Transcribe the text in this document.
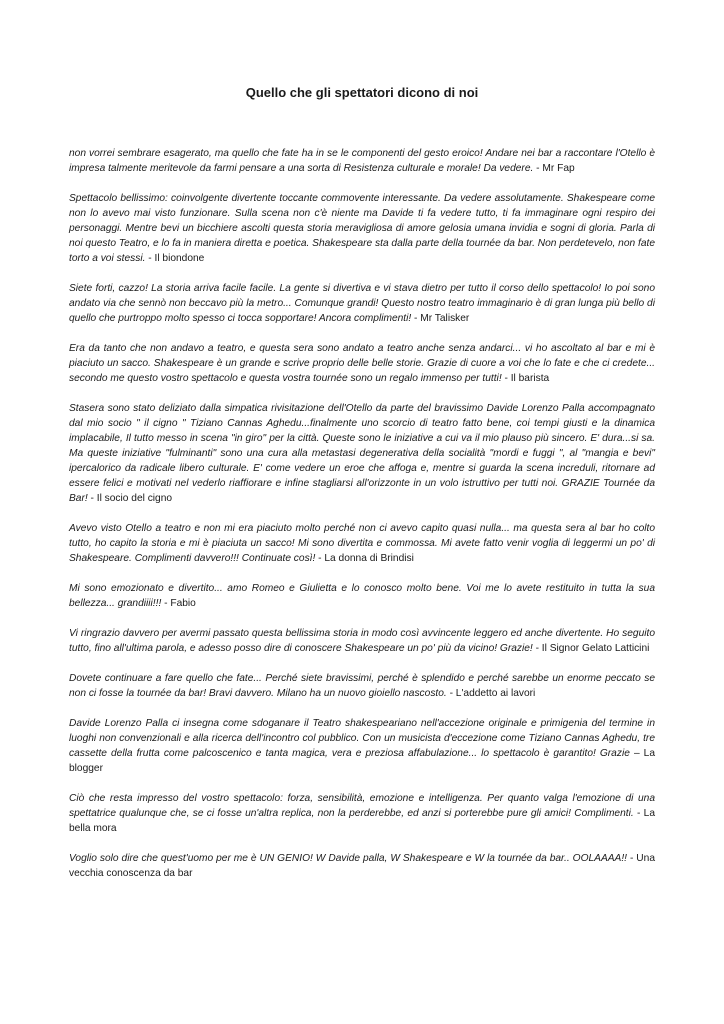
Quello che gli spettatori dicono di noi

non vorrei sembrare esagerato, ma quello che fate ha in se le componenti del gesto eroico! Andare nei bar a raccontare l'Otello è impresa talmente meritevole da farmi pensare a una sorta di Resistenza culturale e morale! Da vedere. - Mr Fap

Spettacolo bellissimo: coinvolgente divertente toccante commovente interessante. Da vedere assolutamente. Shakespeare come non lo avevo mai visto funzionare. Sulla scena non c'è niente ma Davide ti fa vedere tutto, ti fa immaginare ogni respiro dei personaggi. Mentre bevi un bicchiere ascolti questa storia meravigliosa di amore gelosia umana invidia e sogni di gloria. Parla di noi questo Teatro, e lo fa in maniera diretta e poetica. Shakespeare sta dalla parte della tournée da bar. Non perdetevelo, non fate torto a voi stessi. - Il biondone

Siete forti, cazzo! La storia arriva facile facile. La gente si divertiva e vi stava dietro per tutto il corso dello spettacolo! Io poi sono andato via che sennò non beccavo più la metro... Comunque grandi! Questo nostro teatro immaginario è di gran lunga più bello di quello che purtroppo molto spesso ci tocca sopportare! Ancora complimenti! - Mr Talisker

Era da tanto che non andavo a teatro, e questa sera sono andato a teatro anche senza andarci... vi ho ascoltato al bar e mi è piaciuto un sacco. Shakespeare è un grande e scrive proprio delle belle storie. Grazie di cuore a voi che lo fate e che ci credete... secondo me questo vostro spettacolo e questa vostra tournée sono un regalo immenso per tutti! - Il barista

Stasera sono stato deliziato dalla simpatica rivisitazione dell'Otello da parte del bravissimo Davide Lorenzo Palla accompagnato dal mio socio " il cigno " Tiziano Cannas Aghedu...finalmente uno scorcio di teatro fatto bene, coi tempi giusti e la dinamica implacabile, Il tutto messo in scena "in giro" per la città. Queste sono le iniziative a cui va il mio plauso più sincero. E' dura...si sa. Ma queste iniziative "fulminanti" sono una cura alla metastasi degenerativa della socialità "mordi e fuggi ", al "mangia e bevi" ipercalorico da radicale libero culturale. E' come vedere un eroe che affoga e, mentre si guarda la scena increduli, ritornare ad essere felici e motivati nel vederlo riaffiorare e infine stagliarsi all'orizzonte in un volo istruttivo per tutti noi. GRAZIE Tournée da Bar! - Il socio del cigno

Avevo visto Otello a teatro e non mi era piaciuto molto perché non ci avevo capito quasi nulla... ma questa sera al bar ho colto tutto, ho capito la storia e mi è piaciuta un sacco! Mi sono divertita e commossa. Mi avete fatto venir voglia di leggermi un po' di Shakespeare. Complimenti davvero!!! Continuate così! - La donna di Brindisi

Mi sono emozionato e divertito... amo Romeo e Giulietta e lo conosco molto bene. Voi me lo avete restituito in tutta la sua bellezza... grandiiii!!! - Fabio

Vi ringrazio davvero per avermi passato questa bellissima storia in modo così avvincente leggero ed anche divertente. Ho seguito tutto, fino all'ultima parola, e adesso posso dire di conoscere Shakespeare un po' più da vicino! Grazie! - Il Signor Gelato Latticini

Dovete continuare a fare quello che fate... Perché siete bravissimi, perché è splendido e perché sarebbe un enorme peccato se non ci fosse la tournée da bar! Bravi davvero. Milano ha un nuovo gioiello nascosto. - L'addetto ai lavori

Davide Lorenzo Palla ci insegna come sdoganare il Teatro shakespeariano nell'accezione originale e primigenia del termine in luoghi non convenzionali e alla ricerca dell'incontro col pubblico. Con un musicista d'eccezione come Tiziano Cannas Aghedu, tre cassette della frutta come palcoscenico e tanta magica, vera e preziosa affabulazione... lo spettacolo è garantito! Grazie – La blogger

Ciò che resta impresso del vostro spettacolo: forza, sensibilità, emozione e intelligenza. Per quanto valga l'emozione di una spettatrice qualunque che, se ci fosse un'altra replica, non la perderebbe, ed anzi si porterebbe pure gli amici! Complimenti. - La bella mora

Voglio solo dire che quest'uomo per me è UN GENIO! W Davide palla, W Shakespeare e W la tournée da bar.. OOLAAAA!! - Una vecchia conoscenza da bar
